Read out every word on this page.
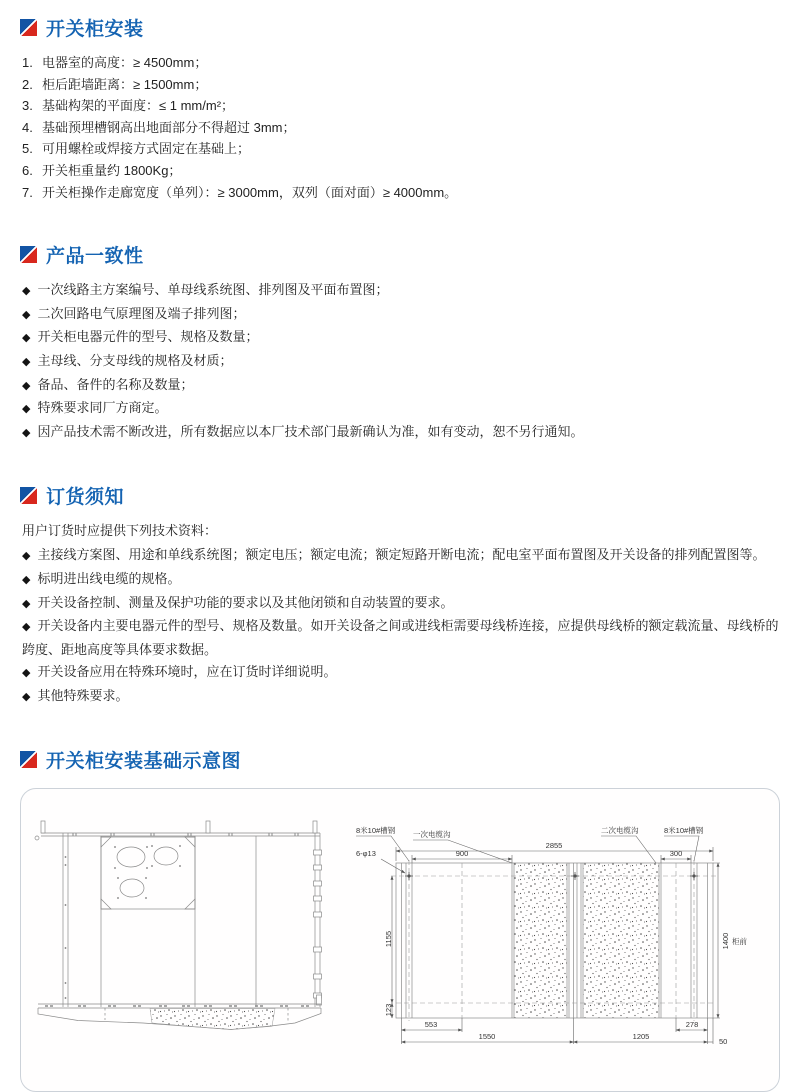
开关柜安装
1. 电器室的高度：≥ 4500mm；
2. 柜后距墙距离：≥ 1500mm；
3. 基础构架的平面度：≤ 1 mm/m²；
4. 基础预埋槽钢高出地面部分不得超过 3mm；
5. 可用螺栓或焊接方式固定在基础上；
6. 开关柜重量约 1800Kg；
7. 开关柜操作走廊宽度（单列）：≥ 3000mm，双列（面对面）≥ 4000mm。
产品一致性
◆ 一次线路主方案编号、单母线系统图、排列图及平面布置图；
◆ 二次回路电气原理图及端子排列图；
◆ 开关柜电器元件的型号、规格及数量；
◆ 主母线、分支母线的规格及材质；
◆ 备品、备件的名称及数量；
◆ 特殊要求同厂方商定。
◆ 因产品技术需不断改进，所有数据应以本厂技术部门最新确认为准，如有变动，恕不另行通知。
订货须知

用户订货时应提供下列技术资料：

◆ 主接线方案图、用途和单线系统图；额定电压；额定电流；额定短路开断电流；配电室平面布置图及开关设备的排列配置图等。
◆ 标明进出线电缆的规格。
◆ 开关设备控制、测量及保护功能的要求以及其他闭锁和自动装置的要求。
◆ 开关设备内主要电器元件的型号、规格及数量。如开关设备之间或进线柜需要母线桥连接，应提供母线桥的额定载流量、母线桥的跨度、距地高度等具体要求数据。
◆ 开关设备应用在特殊环境时，应在订货时详细说明。
◆ 其他特殊要求。
开关柜安装基础示意图
8米10#槽钢 一次电缆沟	二次电缆沟	8米10#槽钢
6-φ13
2855
900	300
1155
123
1400 柜前
553	278
1550	1205
50
